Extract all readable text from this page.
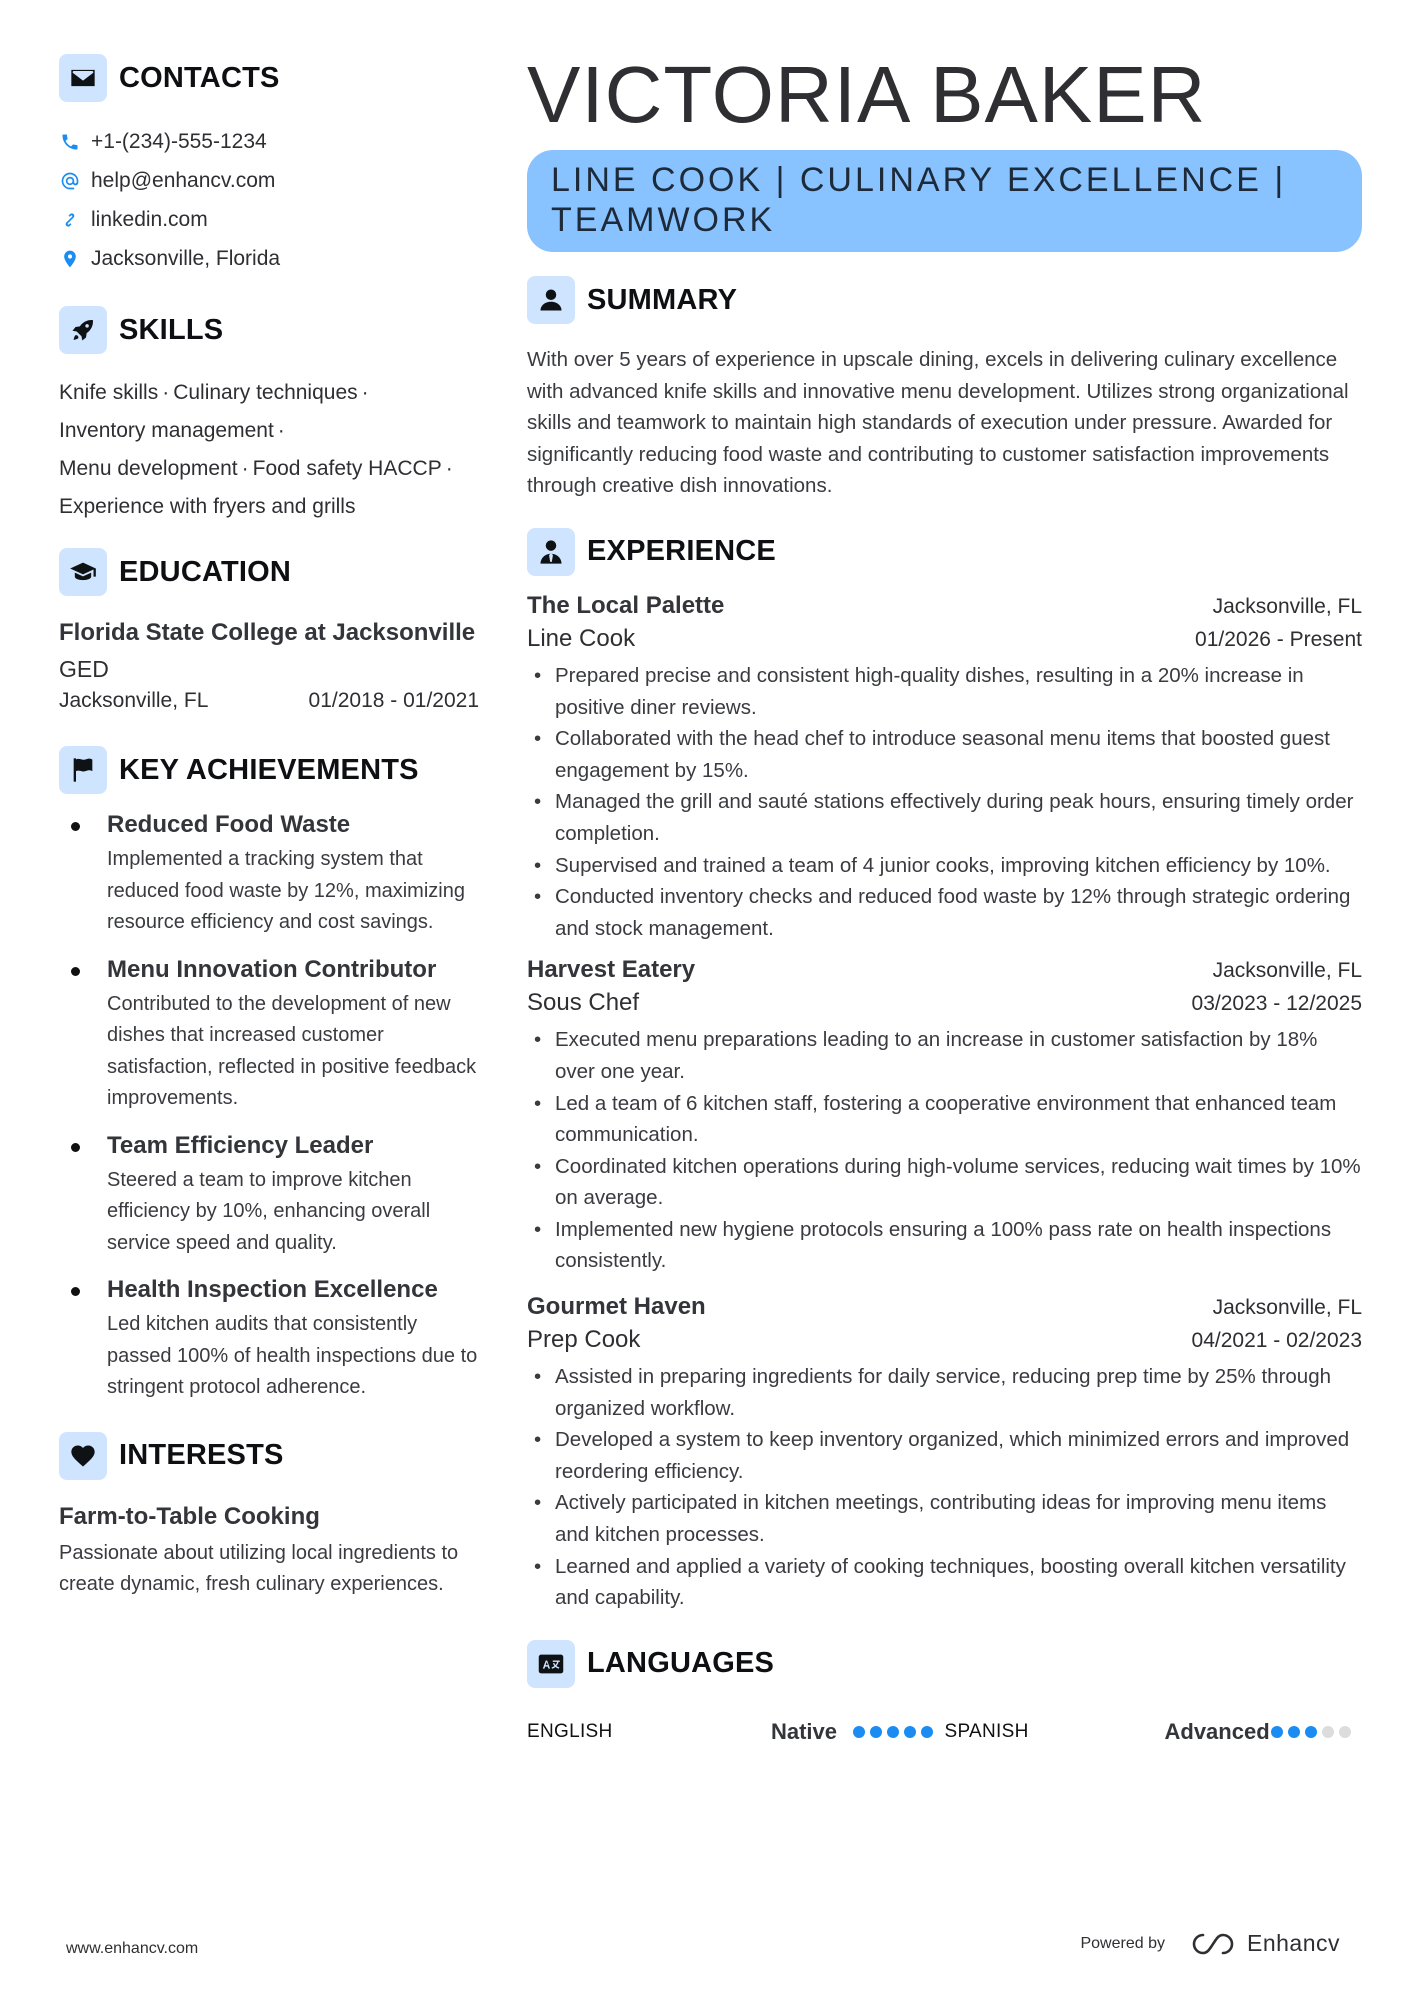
CONTACTS
+1-(234)-555-1234
help@enhancv.com
linkedin.com
Jacksonville, Florida
SKILLS
Knife skills · Culinary techniques ·
Inventory management ·
Menu development · Food safety HACCP ·
Experience with fryers and grills
EDUCATION
Florida State College at Jacksonville
GED
Jacksonville, FL	01/2018 - 01/2021
KEY ACHIEVEMENTS
Reduced Food Waste
Implemented a tracking system that reduced food waste by 12%, maximizing resource efficiency and cost savings.
Menu Innovation Contributor
Contributed to the development of new dishes that increased customer satisfaction, reflected in positive feedback improvements.
Team Efficiency Leader
Steered a team to improve kitchen efficiency by 10%, enhancing overall service speed and quality.
Health Inspection Excellence
Led kitchen audits that consistently passed 100% of health inspections due to stringent protocol adherence.
INTERESTS
Farm-to-Table Cooking
Passionate about utilizing local ingredients to create dynamic, fresh culinary experiences.
VICTORIA BAKER
LINE COOK | CULINARY EXCELLENCE | TEAMWORK
SUMMARY
With over 5 years of experience in upscale dining, excels in delivering culinary excellence with advanced knife skills and innovative menu development. Utilizes strong organizational skills and teamwork to maintain high standards of execution under pressure. Awarded for significantly reducing food waste and contributing to customer satisfaction improvements through creative dish innovations.
EXPERIENCE
The Local Palette	Jacksonville, FL
Line Cook	01/2026 - Present
• Prepared precise and consistent high-quality dishes, resulting in a 20% increase in positive diner reviews.
• Collaborated with the head chef to introduce seasonal menu items that boosted guest engagement by 15%.
• Managed the grill and sauté stations effectively during peak hours, ensuring timely order completion.
• Supervised and trained a team of 4 junior cooks, improving kitchen efficiency by 10%.
• Conducted inventory checks and reduced food waste by 12% through strategic ordering and stock management.
Harvest Eatery	Jacksonville, FL
Sous Chef	03/2023 - 12/2025
• Executed menu preparations leading to an increase in customer satisfaction by 18% over one year.
• Led a team of 6 kitchen staff, fostering a cooperative environment that enhanced team communication.
• Coordinated kitchen operations during high-volume services, reducing wait times by 10% on average.
• Implemented new hygiene protocols ensuring a 100% pass rate on health inspections consistently.
Gourmet Haven	Jacksonville, FL
Prep Cook	04/2021 - 02/2023
• Assisted in preparing ingredients for daily service, reducing prep time by 25% through organized workflow.
• Developed a system to keep inventory organized, which minimized errors and improved reordering efficiency.
• Actively participated in kitchen meetings, contributing ideas for improving menu items and kitchen processes.
• Learned and applied a variety of cooking techniques, boosting overall kitchen versatility and capability.
LANGUAGES
ENGLISH	Native	SPANISH	Advanced
www.enhancv.com	Powered by	Enhancv
